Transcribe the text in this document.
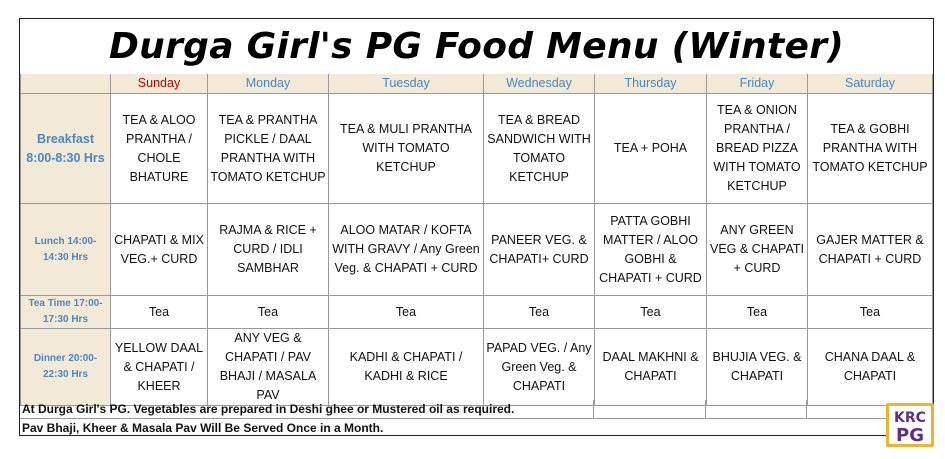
Durga Girl's PG Food Menu (Winter)
	Sunday	Monday	Tuesday	Wednesday	Thursday	Friday	Saturday

Breakfast
8:00-8:30 Hrs	TEA & ALOO PRANTHA / CHOLE BHATURE	TEA & PRANTHA PICKLE / DAAL PRANTHA WITH TOMATO KETCHUP	TEA & MULI PRANTHA WITH TOMATO KETCHUP	TEA & BREAD SANDWICH WITH TOMATO KETCHUP	TEA + POHA	TEA & ONION PRANTHA / BREAD PIZZA WITH TOMATO KETCHUP	TEA & GOBHI PRANTHA WITH TOMATO KETCHUP

Lunch 14:00-
14:30 Hrs	CHAPATI & MIX VEG.+ CURD	RAJMA & RICE + CURD / IDLI SAMBHAR	ALOO MATAR / KOFTA WITH GRAVY / Any Green Veg. & CHAPATI + CURD	PANEER VEG. & CHAPATI+ CURD	PATTA GOBHI MATTER / ALOO GOBHI & CHAPATI + CURD	ANY GREEN VEG & CHAPATI + CURD	GAJER MATTER & CHAPATI + CURD

Tea Time 17:00-
17:30 Hrs	Tea	Tea	Tea	Tea	Tea	Tea	Tea

Dinner 20:00-
22:30 Hrs	YELLOW DAAL & CHAPATI / KHEER	ANY VEG & CHAPATI / PAV BHAJI / MASALA PAV	KADHI & CHAPATI / KADHI & RICE	PAPAD VEG. / Any Green Veg. & CHAPATI	DAAL MAKHNI & CHAPATI	BHUJIA VEG. & CHAPATI	CHANA DAAL & CHAPATI
At Durga Girl's PG. Vegetables are prepared in Deshi ghee or Mustered oil as required.
Pav Bhaji, Kheer & Masala Pav Will Be Served Once in a Month.
KRC
PG
